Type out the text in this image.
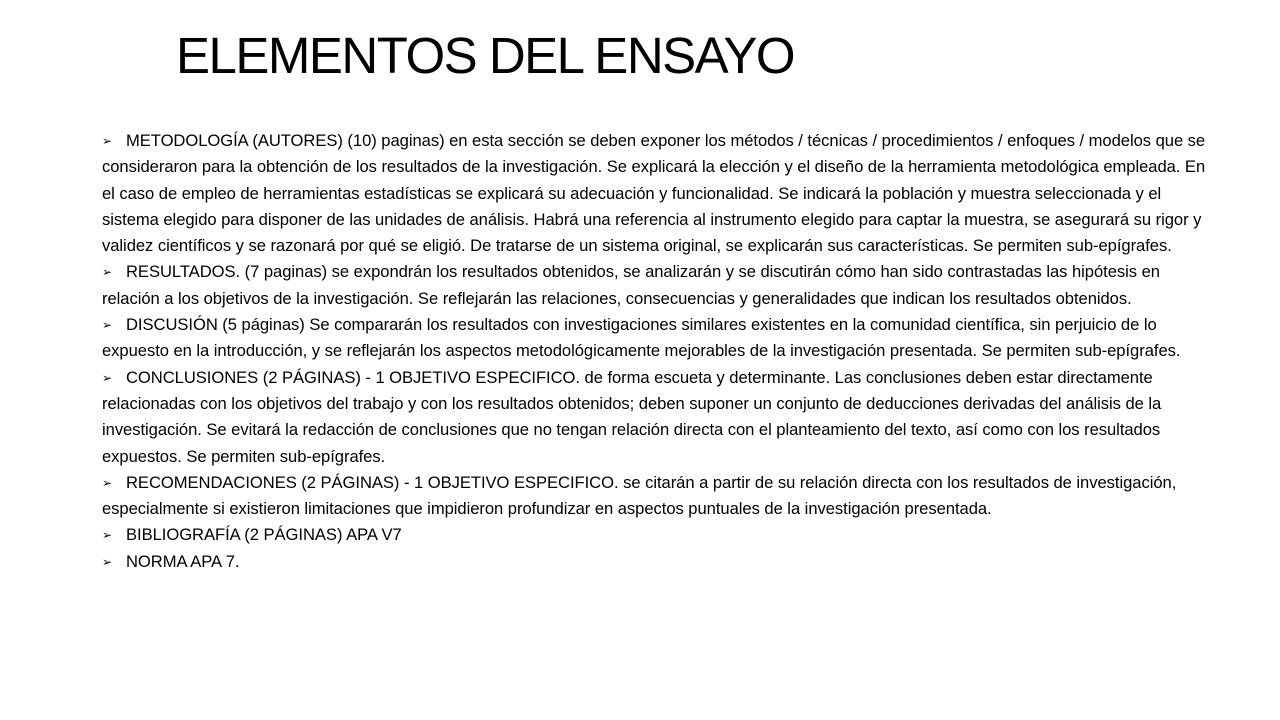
ELEMENTOS DEL ENSAYO
➢ METODOLOGÍA (AUTORES) (10) paginas) en esta sección se deben exponer los métodos / técnicas / procedimientos / enfoques / modelos que se consideraron para la obtención de los resultados de la investigación. Se explicará la elección y el diseño de la herramienta metodológica empleada. En el caso de empleo de herramientas estadísticas se explicará su adecuación y funcionalidad. Se indicará la población y muestra seleccionada y el sistema elegido para disponer de las unidades de análisis. Habrá una referencia al instrumento elegido para captar la muestra, se asegurará su rigor y validez científicos y se razonará por qué se eligió. De tratarse de un sistema original, se explicarán sus características. Se permiten sub-epígrafes.
➢ RESULTADOS. (7 paginas) se expondrán los resultados obtenidos, se analizarán y se discutirán cómo han sido contrastadas las hipótesis en relación a los objetivos de la investigación. Se reflejarán las relaciones, consecuencias y generalidades que indican los resultados obtenidos.
➢ DISCUSIÓN (5 páginas) Se compararán los resultados con investigaciones similares existentes en la comunidad científica, sin perjuicio de lo expuesto en la introducción, y se reflejarán los aspectos metodológicamente mejorables de la investigación presentada. Se permiten sub-epígrafes.
➢ CONCLUSIONES (2 PÁGINAS) - 1 OBJETIVO ESPECIFICO. de forma escueta y determinante. Las conclusiones deben estar directamente relacionadas con los objetivos del trabajo y con los resultados obtenidos; deben suponer un conjunto de deducciones derivadas del análisis de la investigación. Se evitará la redacción de conclusiones que no tengan relación directa con el planteamiento del texto, así como con los resultados expuestos. Se permiten sub-epígrafes.
➢ RECOMENDACIONES (2 PÁGINAS) - 1 OBJETIVO ESPECIFICO. se citarán a partir de su relación directa con los resultados de investigación, especialmente si existieron limitaciones que impidieron profundizar en aspectos puntuales de la investigación presentada.
➢ BIBLIOGRAFÍA (2 PÁGINAS) APA V7
➢ NORMA APA 7.
